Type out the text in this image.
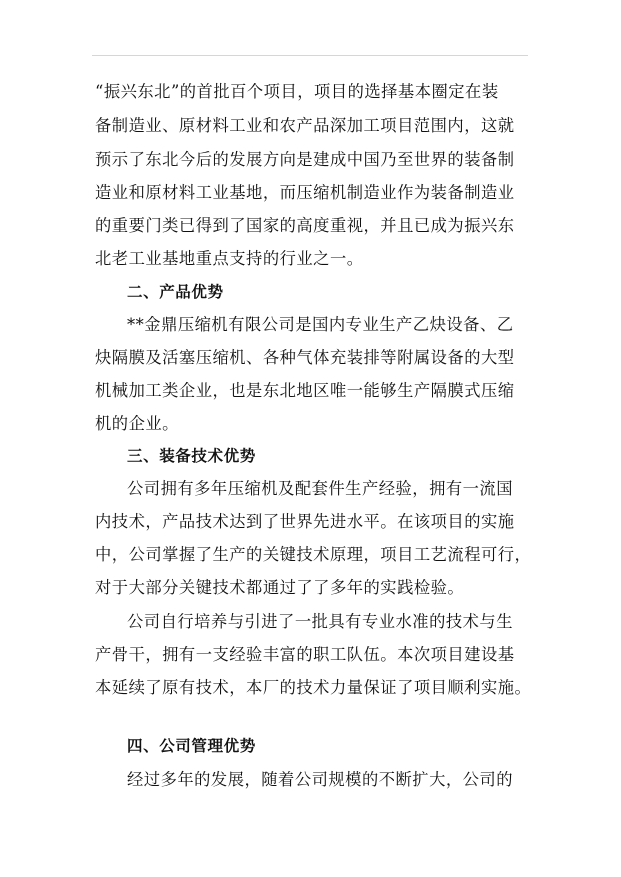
“振兴东北”的首批百个项目，项目的选择基本圈定在装
备制造业、原材料工业和农产品深加工项目范围内，这就
预示了东北今后的发展方向是建成中国乃至世界的装备制
造业和原材料工业基地，而压缩机制造业作为装备制造业
的重要门类已得到了国家的高度重视，并且已成为振兴东
北老工业基地重点支持的行业之一。
二、产品优势
**金鼎压缩机有限公司是国内专业生产乙炔设备、乙
炔隔膜及活塞压缩机、各种气体充装排等附属设备的大型
机械加工类企业，也是东北地区唯一能够生产隔膜式压缩
机的企业。
三、装备技术优势
公司拥有多年压缩机及配套件生产经验，拥有一流国
内技术，产品技术达到了世界先进水平。在该项目的实施
中，公司掌握了生产的关键技术原理，项目工艺流程可行，
对于大部分关键技术都通过了了多年的实践检验。
公司自行培养与引进了一批具有专业水准的技术与生
产骨干，拥有一支经验丰富的职工队伍。本次项目建设基
本延续了原有技术，本厂的技术力量保证了项目顺利实施。
四、公司管理优势
经过多年的发展，随着公司规模的不断扩大，公司的
